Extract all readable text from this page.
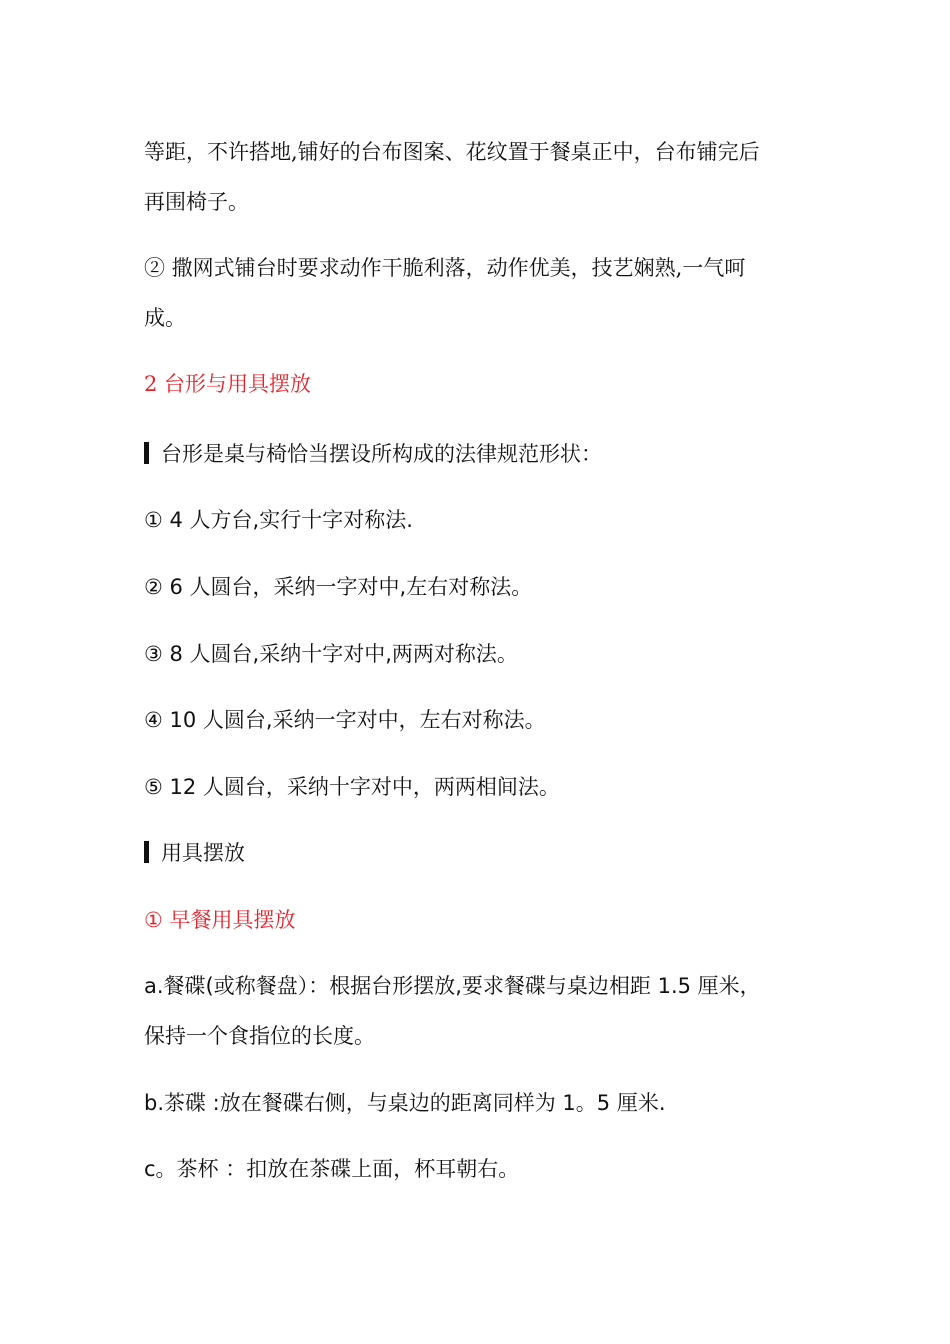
等距，不许搭地,铺好的台布图案、花纹置于餐桌正中，台布铺完后
再围椅子。
② 撒网式铺台时要求动作干脆利落，动作优美，技艺娴熟,一气呵
成。
2 台形与用具摆放
台形是桌与椅恰当摆设所构成的法律规范形状：
① 4 人方台,实行十字对称法.
② 6 人圆台，采纳一字对中,左右对称法。
③ 8 人圆台,采纳十字对中,两两对称法。
④ 10 人圆台,采纳一字对中，左右对称法。
⑤ 12 人圆台，采纳十字对中，两两相间法。
用具摆放
① 早餐用具摆放
a.餐碟(或称餐盘）：根据台形摆放,要求餐碟与桌边相距 1.5 厘米，
保持一个食指位的长度。
b.茶碟 :放在餐碟右侧，与桌边的距离同样为 1。5 厘米.
c。茶杯 ：扣放在茶碟上面，杯耳朝右。
